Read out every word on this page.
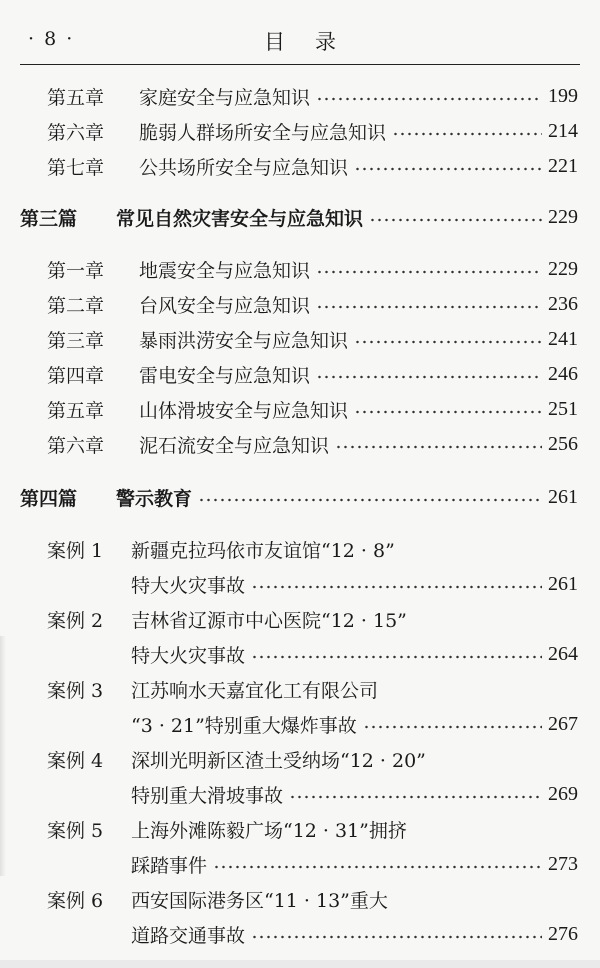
· 8 ·	目录
第五章	家庭安全与应急知识	199
第六章	脆弱人群场所安全与应急知识	214
第七章	公共场所安全与应急知识	221
第三篇	常见自然灾害安全与应急知识	229
第一章	地震安全与应急知识	229
第二章	台风安全与应急知识	236
第三章	暴雨洪涝安全与应急知识	241
第四章	雷电安全与应急知识	246
第五章	山体滑坡安全与应急知识	251
第六章	泥石流安全与应急知识	256
第四篇	警示教育	261
案例 1	新疆克拉玛依市友谊馆“12 · 8”
特大火灾事故	261
案例 2	吉林省辽源市中心医院“12 · 15”
特大火灾事故	264
案例 3	江苏响水天嘉宜化工有限公司
“3 · 21”特别重大爆炸事故	267
案例 4	深圳光明新区渣土受纳场“12 · 20”
特别重大滑坡事故	269
案例 5	上海外滩陈毅广场“12 · 31”拥挤
踩踏事件	273
案例 6	西安国际港务区“11 · 13”重大
道路交通事故	276
